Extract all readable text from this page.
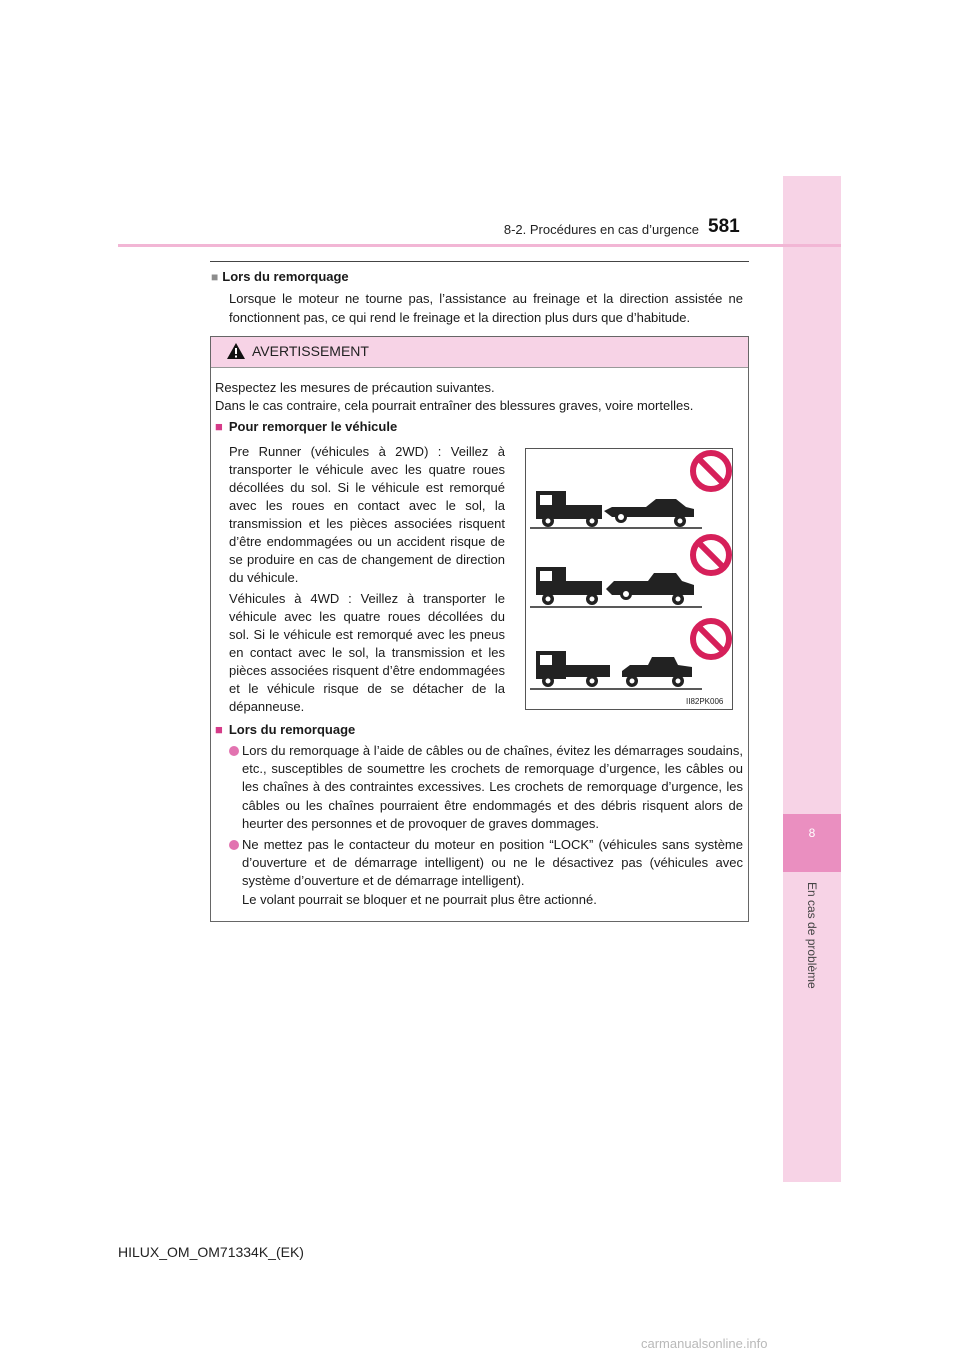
8
En cas de problème
8-2. Procédures en cas d’urgence 581
■ Lors du remorquage
Lorsque le moteur ne tourne pas, l’assistance au freinage et la direction assistée ne fonctionnent pas, ce qui rend le freinage et la direction plus durs que d’habitude.
AVERTISSEMENT
Respectez les mesures de précaution suivantes.
Dans le cas contraire, cela pourrait entraîner des blessures graves, voire mortelles.
■ Pour remorquer le véhicule
Pre Runner (véhicules à 2WD) : Veillez à transporter le véhicule avec les quatre roues décollées du sol. Si le véhicule est remorqué avec les roues en contact avec le sol, la transmission et les pièces associées risquent d’être endommagées ou un accident risque de se produire en cas de changement de direction du véhicule.
Véhicules à 4WD : Veillez à transporter le véhicule avec les quatre roues décollées du sol. Si le véhicule est remorqué avec les pneus en contact avec le sol, la transmission et les pièces associées risquent d’être endommagées et le véhicule risque de se détacher de la dépanneuse.	II82PK006
■ Lors du remorquage
Lors du remorquage à l’aide de câbles ou de chaînes, évitez les démarrages soudains, etc., susceptibles de soumettre les crochets de remorquage d’urgence, les câbles ou les chaînes à des contraintes excessives. Les crochets de remorquage d’urgence, les câbles ou les chaînes pourraient être endommagés et des débris risquent alors de heurter des personnes et de provoquer de graves dommages.
Ne mettez pas le contacteur du moteur en position “LOCK” (véhicules sans système d’ouverture et de démarrage intelligent) ou ne le désactivez pas (véhicules avec système d’ouverture et de démarrage intelligent).
Le volant pourrait se bloquer et ne pourrait plus être actionné.
HILUX_OM_OM71334K_(EK)
carmanualsonline.info
